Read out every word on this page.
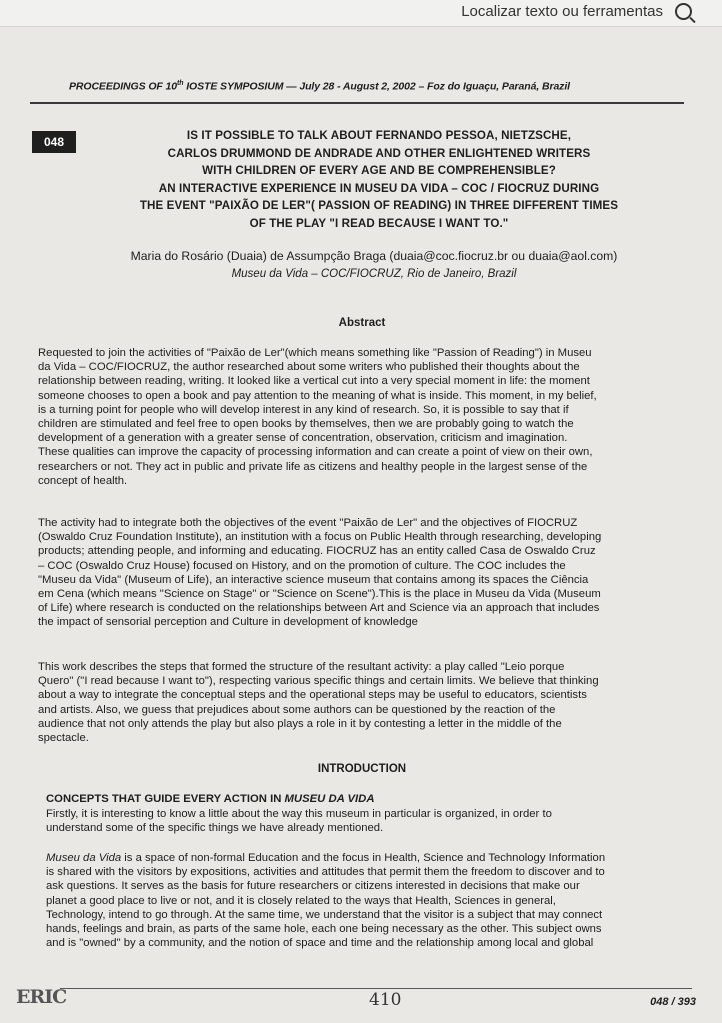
Localizar texto ou ferramentas
PROCEEDINGS OF 10th IOSTE SYMPOSIUM — July 28 - August 2, 2002 – Foz do Iguaçu, Paraná, Brazil
048	IS IT POSSIBLE TO TALK ABOUT FERNANDO PESSOA, NIETZSCHE,
CARLOS DRUMMOND DE ANDRADE AND OTHER ENLIGHTENED WRITERS
WITH CHILDREN OF EVERY AGE AND BE COMPREHENSIBLE?
AN INTERACTIVE EXPERIENCE IN MUSEU DA VIDA – COC / FIOCRUZ DURING
THE EVENT "PAIXÃO DE LER"( PASSION OF READING) IN THREE DIFFERENT TIMES
OF THE PLAY "I READ BECAUSE I WANT TO."
Maria do Rosário (Duaia) de Assumpção Braga (duaia@coc.fiocruz.br ou duaia@aol.com)
Museu da Vida – COC/FIOCRUZ, Rio de Janeiro, Brazil
Abstract
Requested to join the activities of "Paixão de Ler"(which means something like "Passion of Reading") in Museu
da Vida – COC/FIOCRUZ, the author researched about some writers who published their thoughts about the
relationship between reading, writing. It looked like a vertical cut into a very special moment in life: the moment
someone chooses to open a book and pay attention to the meaning of what is inside. This moment, in my belief,
is a turning point for people who will develop interest in any kind of research. So, it is possible to say that if
children are stimulated and feel free to open books by themselves, then we are probably going to watch the
development of a generation with a greater sense of concentration, observation, criticism and imagination.
These qualities can improve the capacity of processing information and can create a point of view on their own,
researchers or not. They act in public and private life as citizens and healthy people in the largest sense of the
concept of health.
The activity had to integrate both the objectives of the event "Paixão de Ler" and the objectives of FIOCRUZ
(Oswaldo Cruz Foundation Institute), an institution with a focus on Public Health through researching, developing
products; attending people, and informing and educating. FIOCRUZ has an entity called Casa de Oswaldo Cruz
– COC (Oswaldo Cruz House) focused on History, and on the promotion of culture. The COC includes the
"Museu da Vida" (Museum of Life), an interactive science museum that contains among its spaces the Ciência
em Cena (which means "Science on Stage" or "Science on Scene").This is the place in Museu da Vida (Museum
of Life) where research is conducted on the relationships between Art and Science via an approach that includes
the impact of sensorial perception and Culture in development of knowledge
This work describes the steps that formed the structure of the resultant activity: a play called "Leio porque
Quero" ("I read because I want to"), respecting various specific things and certain limits. We believe that thinking
about a way to integrate the conceptual steps and the operational steps may be useful to educators, scientists
and artists. Also, we guess that prejudices about some authors can be questioned by the reaction of the
audience that not only attends the play but also plays a role in it by contesting a letter in the middle of the
spectacle.
INTRODUCTION
CONCEPTS THAT GUIDE EVERY ACTION IN MUSEU DA VIDA
Firstly, it is interesting to know a little about the way this museum in particular is organized, in order to
understand some of the specific things we have already mentioned.
Museu da Vida is a space of non-formal Education and the focus in Health, Science and Technology Information
is shared with the visitors by expositions, activities and attitudes that permit them the freedom to discover and to
ask questions. It serves as the basis for future researchers or citizens interested in decisions that make our
planet a good place to live or not, and it is closely related to the ways that Health, Sciences in general,
Technology, intend to go through. At the same time, we understand that the visitor is a subject that may connect
hands, feelings and brain, as parts of the same hole, each one being necessary as the other. This subject owns
and is "owned" by a community, and the notion of space and time and the relationship among local and global
ERIC	410	048 / 393
